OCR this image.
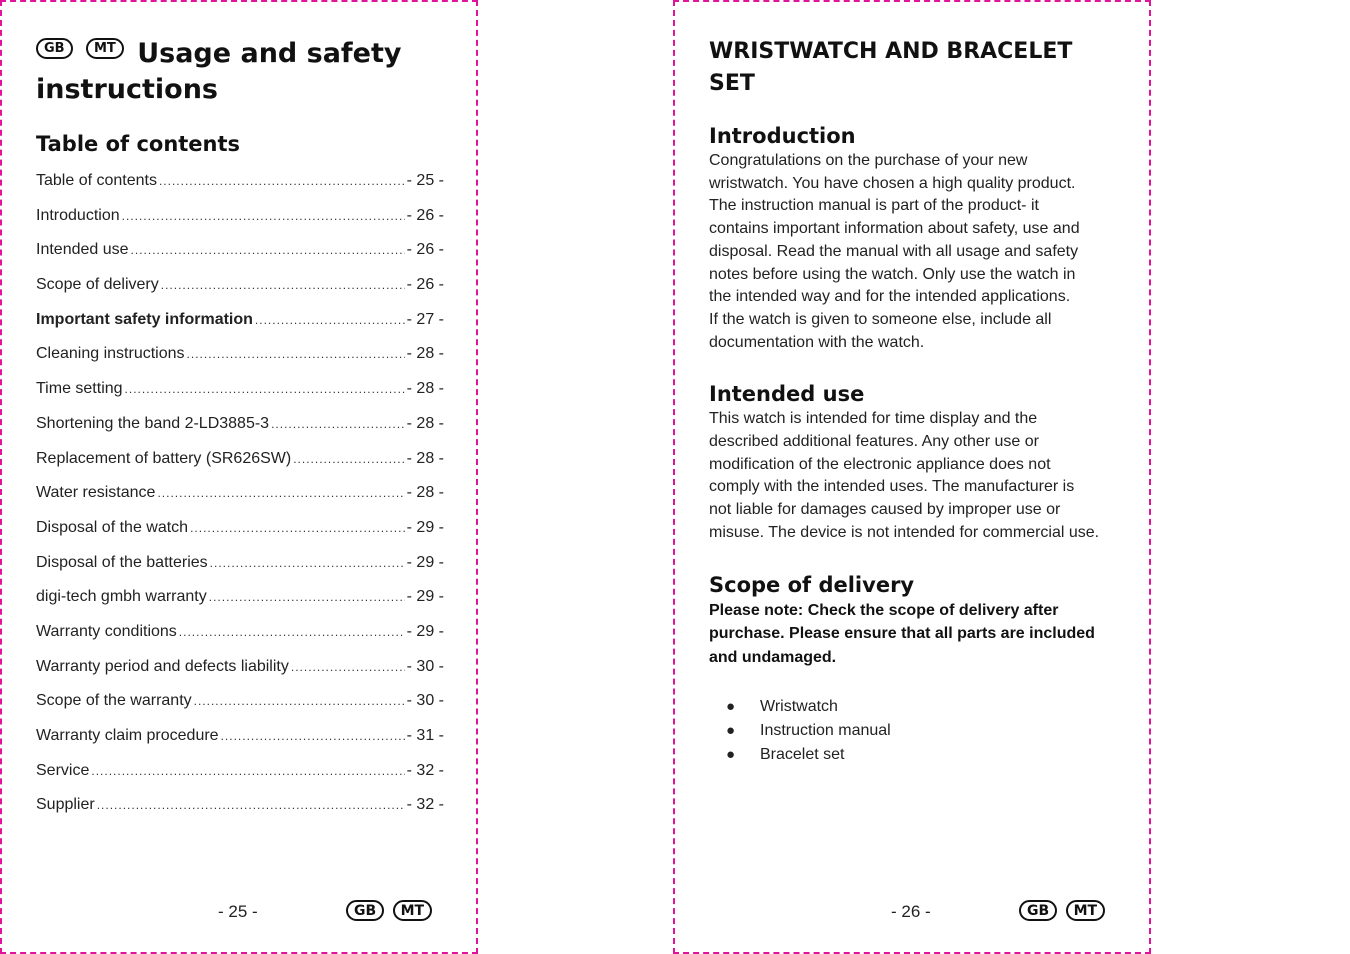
GB MT Usage and safety
instructions
Table of contents
Table of contents .....	- 25 -
Introduction .....	- 26 -
Intended use .....	- 26 -
Scope of delivery .....	- 26 -
Important safety information .....	- 27 -
Cleaning instructions .....	- 28 -
Time setting .....	- 28 -
Shortening the band 2-LD3885-3 .....	- 28 -
Replacement of battery (SR626SW) .....	- 28 -
Water resistance .....	- 28 -
Disposal of the watch .....	- 29 -
Disposal of the batteries .....	- 29 -
digi-tech gmbh warranty .....	- 29 -
Warranty conditions .....	- 29 -
Warranty period and defects liability .....	- 30 -
Scope of the warranty .....	- 30 -
Warranty claim procedure .....	- 31 -
Service .....	- 32 -
Supplier .....	- 32 -
- 25 -	GB MT
WRISTWATCH AND BRACELET SET
Introduction
Congratulations on the purchase of your new
wristwatch. You have chosen a high quality product.
The instruction manual is part of the product- it
contains important information about safety, use and
disposal. Read the manual with all usage and safety
notes before using the watch. Only use the watch in
the intended way and for the intended applications.
If the watch is given to someone else, include all
documentation with the watch.
Intended use
This watch is intended for time display and the
described additional features. Any other use or
modification of the electronic appliance does not
comply with the intended uses. The manufacturer is
not liable for damages caused by improper use or
misuse. The device is not intended for commercial use.
Scope of delivery
Please note: Check the scope of delivery after
purchase. Please ensure that all parts are included
and undamaged.
● Wristwatch
● Instruction manual
● Bracelet set
- 26 -	GB MT
